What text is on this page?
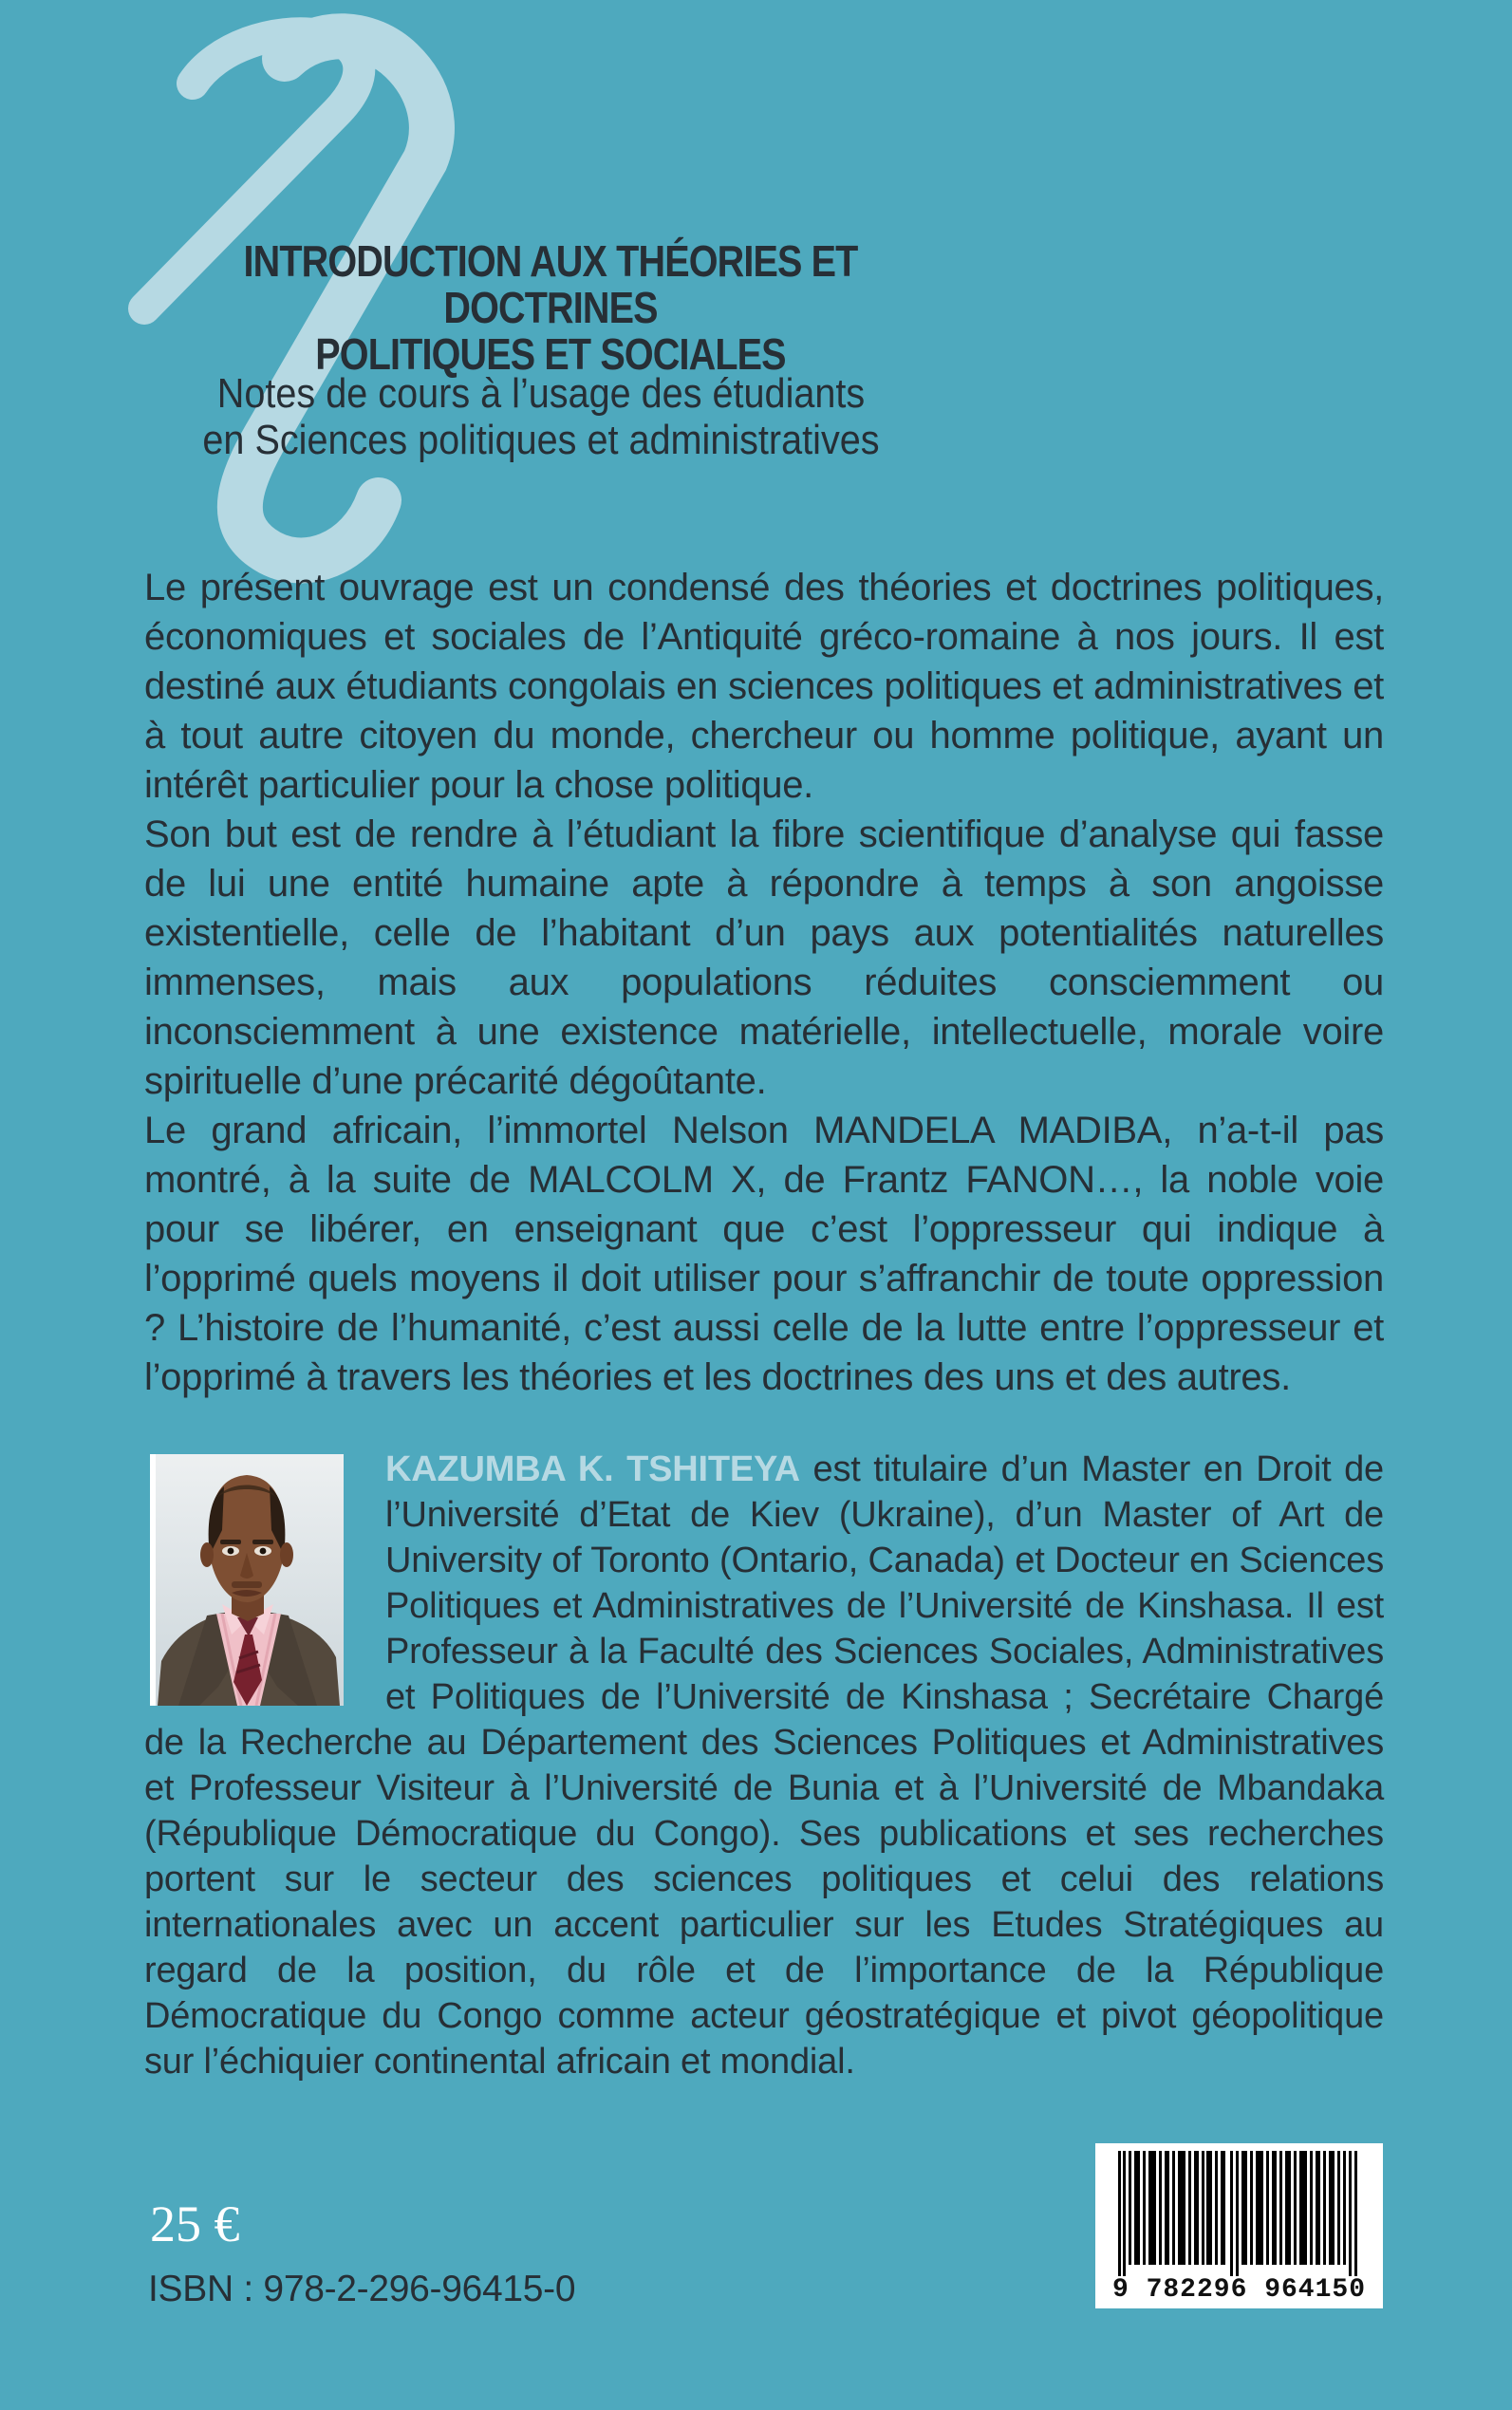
INTRODUCTION AUX THÉORIES ET DOCTRINES
POLITIQUES ET SOCIALES
Notes de cours à l’usage des étudiants
en Sciences politiques et administratives

Le présent ouvrage est un condensé des théories et doctrines politiques, économiques et sociales de l’Antiquité gréco-romaine à nos jours. Il est destiné aux étudiants congolais en sciences politiques et administratives et à tout autre citoyen du monde, chercheur ou homme politique, ayant un intérêt particulier pour la chose politique.

Son but est de rendre à l’étudiant la fibre scientifique d’analyse qui fasse de lui une entité humaine apte à répondre à temps à son angoisse existentielle, celle de l’habitant d’un pays aux potentialités naturelles immenses, mais aux populations réduites consciemment ou inconsciemment à une existence matérielle, intellectuelle, morale voire spirituelle d’une précarité dégoûtante.

Le grand africain, l’immortel Nelson MANDELA MADIBA, n’a-t-il pas montré, à la suite de MALCOLM X, de Frantz FANON…, la noble voie pour se libérer, en enseignant que c’est l’oppresseur qui indique à l’opprimé quels moyens il doit utiliser pour s’affranchir de toute oppression ? L’histoire de l’humanité, c’est aussi celle de la lutte entre l’oppresseur et l’opprimé à travers les théories et les doctrines des uns et des autres.

KAZUMBA K. TSHITEYA est titulaire d’un Master en Droit de l’Université d’Etat de Kiev (Ukraine), d’un Master of Art de University of Toronto (Ontario, Canada) et Docteur en Sciences Politiques et Administratives de l’Université de Kinshasa. Il est Professeur à la Faculté des Sciences Sociales, Administratives et Politiques de l’Université de Kinshasa ; Secrétaire Chargé de la Recherche au Département des Sciences Politiques et Administratives et Professeur Visiteur à l’Université de Bunia et à l’Université de Mbandaka (République Démocratique du Congo). Ses publications et ses recherches portent sur le secteur des sciences politiques et celui des relations internationales avec un accent particulier sur les Etudes Stratégiques au regard de la position, du rôle et de l’importance de la République Démocratique du Congo comme acteur géostratégique et pivot géopolitique sur l’échiquier continental africain et mondial.

25 €
ISBN : 978-2-296-96415-0	9 782296 964150
